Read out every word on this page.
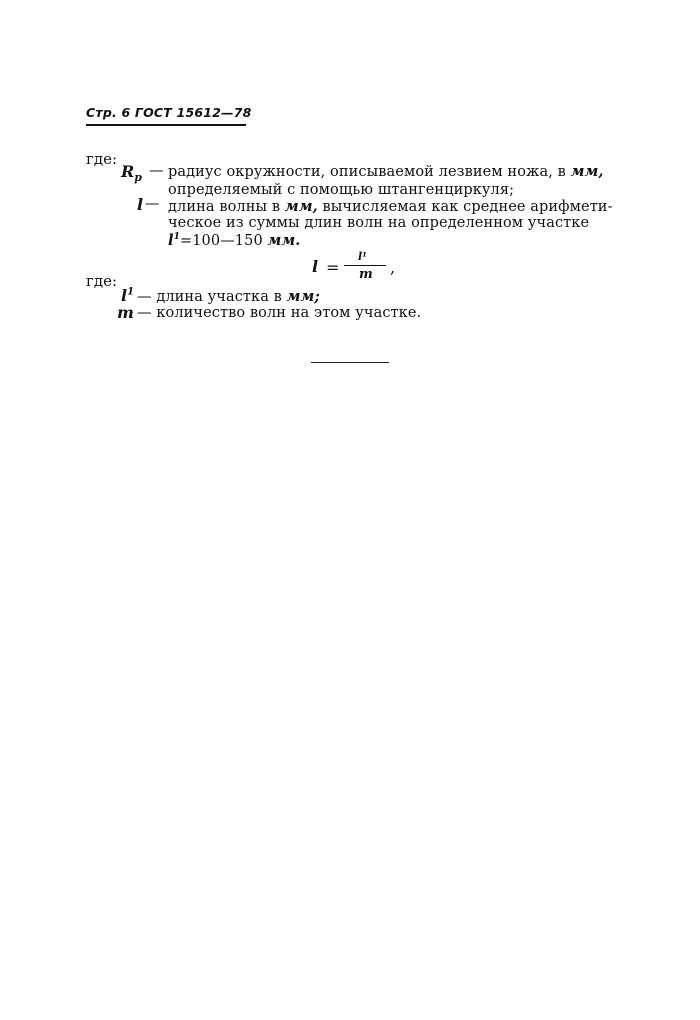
Стр. 6 ГОСТ 15612—78
где:
$R_p$ — радиус окружности, описываемой лезвием ножа, в мм,
определяемый с помощью штангенциркуля;
l — длина волны в мм, вычисляемая как среднее арифмети-
ческое из суммы длин волн на определенном участке
$l^1=100—150$ мм.
l =
l¹
m ,
где:
$l^1$ — длина участка в мм;
m — количество волн на этом участке.
